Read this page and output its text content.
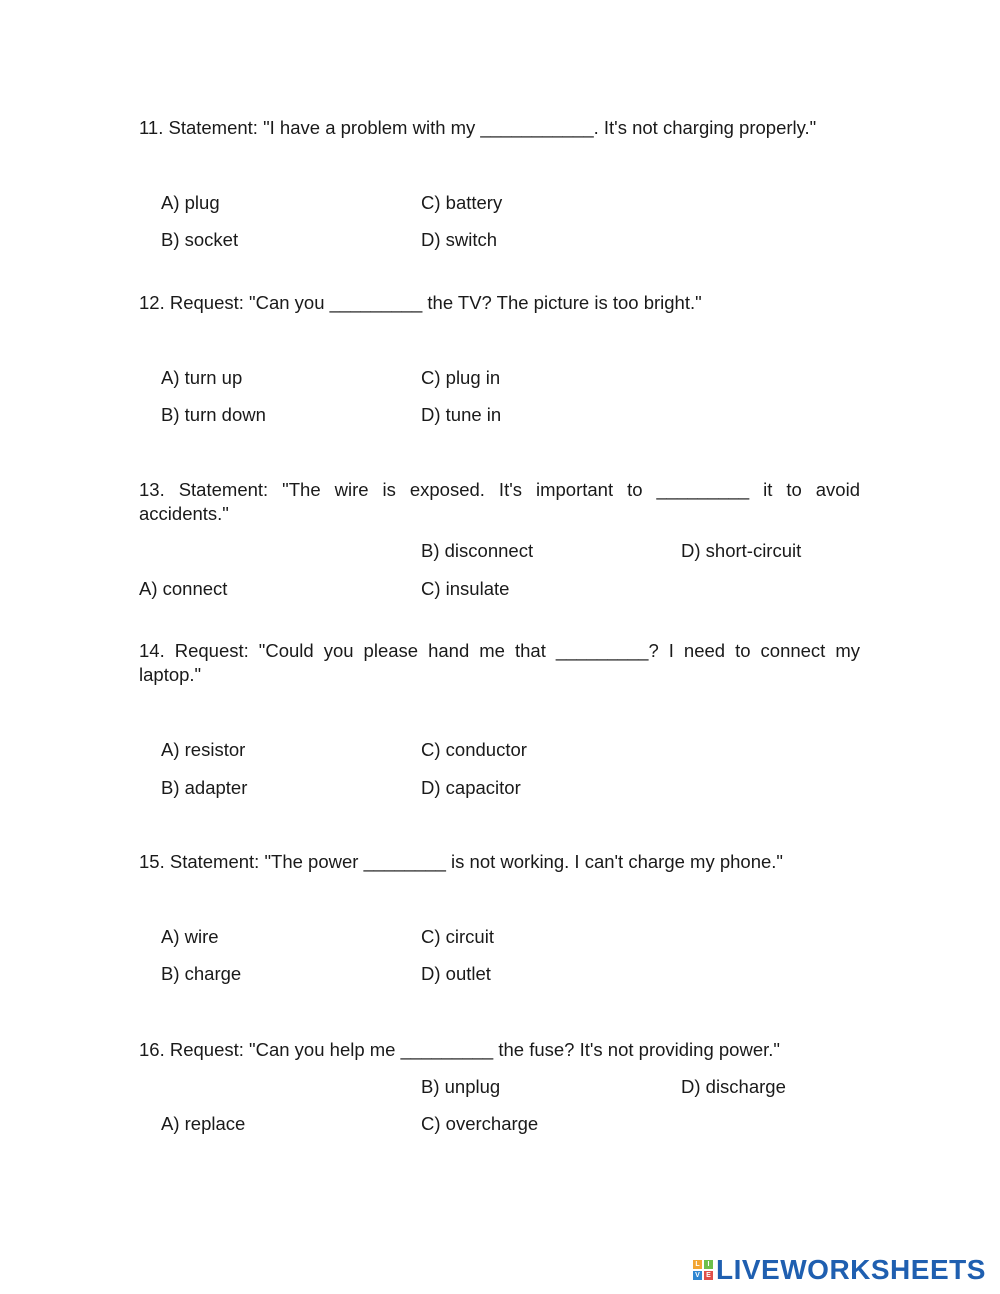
11. Statement: "I have a problem with my ___________. It's not charging properly."
A) plug	C) battery
B) socket	D) switch
12. Request: "Can you _________ the TV? The picture is too bright."
A) turn up	C) plug in
B) turn down	D) tune in
13. Statement: "The wire is exposed. It's important to _________ it to avoid
accidents."
B) disconnect	D) short-circuit
A) connect	C) insulate
14. Request: "Could you please hand me that _________? I need to connect my
laptop."
A) resistor	C) conductor
B) adapter	D) capacitor
15. Statement: "The power ________ is not working. I can't charge my phone."
A) wire	C) circuit
B) charge	D) outlet
16. Request: "Can you help me _________ the fuse? It's not providing power."
B) unplug	D) discharge
A) replace	C) overcharge
L	I
V E LIVEWORKSHEETS
